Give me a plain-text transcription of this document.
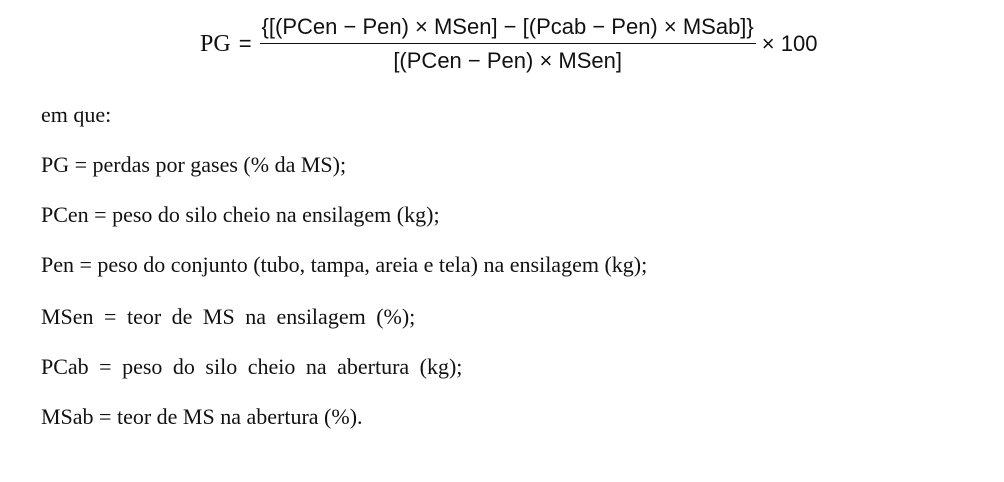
PG = $\frac{\text{\{[(PCen − Pen) × MSen] − [(Pcab − Pen) × MSab]\}}}{\text{[(PCen − Pen) × MSen]}} \times 100$
em que:
PG = perdas por gases (% da MS);
PCen = peso do silo cheio na ensilagem (kg);
Pen = peso do conjunto (tubo, tampa, areia e tela) na ensilagem (kg);
MSen = teor de MS na ensilagem (%);
PCab = peso do silo cheio na abertura (kg);
MSab = teor de MS na abertura (%).
